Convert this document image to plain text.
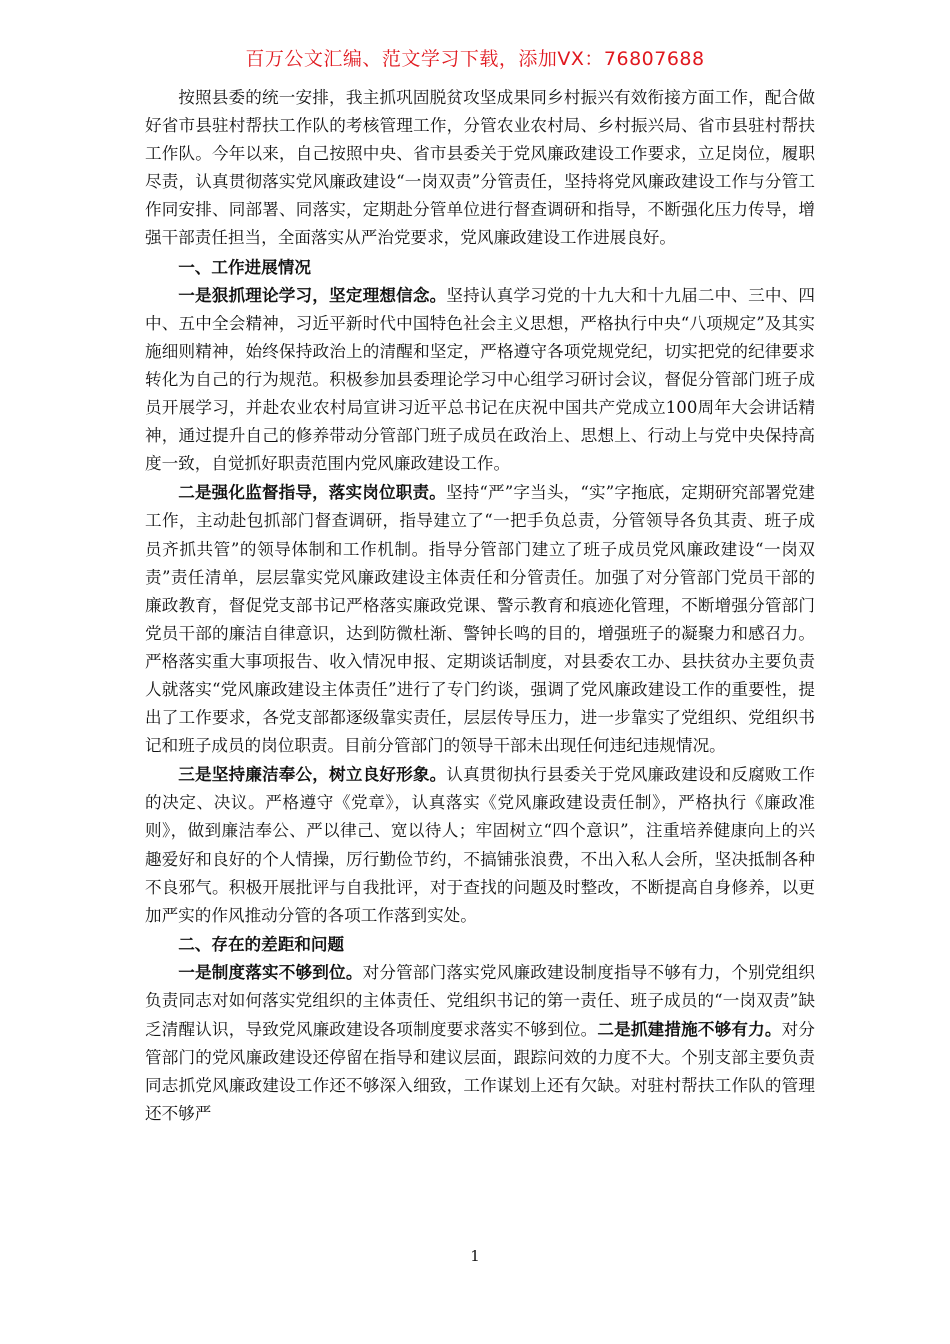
百万公文汇编、范文学习下载，添加VX：76807688

按照县委的统一安排，我主抓巩固脱贫攻坚成果同乡村振兴有效衔接方面工作，配合做好省市县驻村帮扶工作队的考核管理工作，分管农业农村局、乡村振兴局、省市县驻村帮扶工作队。今年以来，自己按照中央、省市县委关于党风廉政建设工作要求，立足岗位，履职尽责，认真贯彻落实党风廉政建设“一岗双责”分管责任，坚持将党风廉政建设工作与分管工作同安排、同部署、同落实，定期赴分管单位进行督查调研和指导，不断强化压力传导，增强干部责任担当，全面落实从严治党要求，党风廉政建设工作进展良好。

一、工作进展情况

一是狠抓理论学习，坚定理想信念。坚持认真学习党的十九大和十九届二中、三中、四中、五中全会精神，习近平新时代中国特色社会主义思想，严格执行中央“八项规定”及其实施细则精神，始终保持政治上的清醒和坚定，严格遵守各项党规党纪，切实把党的纪律要求转化为自己的行为规范。积极参加县委理论学习中心组学习研讨会议，督促分管部门班子成员开展学习，并赴农业农村局宣讲习近平总书记在庆祝中国共产党成立100周年大会讲话精神，通过提升自己的修养带动分管部门班子成员在政治上、思想上、行动上与党中央保持高度一致，自觉抓好职责范围内党风廉政建设工作。

二是强化监督指导，落实岗位职责。坚持“严”字当头，“实”字拖底，定期研究部署党建工作，主动赴包抓部门督查调研，指导建立了“一把手负总责，分管领导各负其责、班子成员齐抓共管”的领导体制和工作机制。指导分管部门建立了班子成员党风廉政建设“一岗双责”责任清单，层层靠实党风廉政建设主体责任和分管责任。加强了对分管部门党员干部的廉政教育，督促党支部书记严格落实廉政党课、警示教育和痕迹化管理，不断增强分管部门党员干部的廉洁自律意识，达到防微杜渐、警钟长鸣的目的，增强班子的凝聚力和感召力。严格落实重大事项报告、收入情况申报、定期谈话制度，对县委农工办、县扶贫办主要负责人就落实“党风廉政建设主体责任”进行了专门约谈，强调了党风廉政建设工作的重要性，提出了工作要求，各党支部都逐级靠实责任，层层传导压力，进一步靠实了党组织、党组织书记和班子成员的岗位职责。目前分管部门的领导干部未出现任何违纪违规情况。

三是坚持廉洁奉公，树立良好形象。认真贯彻执行县委关于党风廉政建设和反腐败工作的决定、决议。严格遵守《党章》，认真落实《党风廉政建设责任制》，严格执行《廉政准则》，做到廉洁奉公、严以律己、宽以待人；牢固树立“四个意识”，注重培养健康向上的兴趣爱好和良好的个人情操，厉行勤俭节约，不搞铺张浪费，不出入私人会所，坚决抵制各种不良邪气。积极开展批评与自我批评，对于查找的问题及时整改，不断提高自身修养，以更加严实的作风推动分管的各项工作落到实处。

二、存在的差距和问题

一是制度落实不够到位。对分管部门落实党风廉政建设制度指导不够有力，个别党组织负责同志对如何落实党组织的主体责任、党组织书记的第一责任、班子成员的“一岗双责”缺乏清醒认识，导致党风廉政建设各项制度要求落实不够到位。二是抓建措施不够有力。对分管部门的党风廉政建设还停留在指导和建议层面，跟踪问效的力度不大。个别支部主要负责同志抓党风廉政建设工作还不够深入细致，工作谋划上还有欠缺。对驻村帮扶工作队的管理还不够严

1
